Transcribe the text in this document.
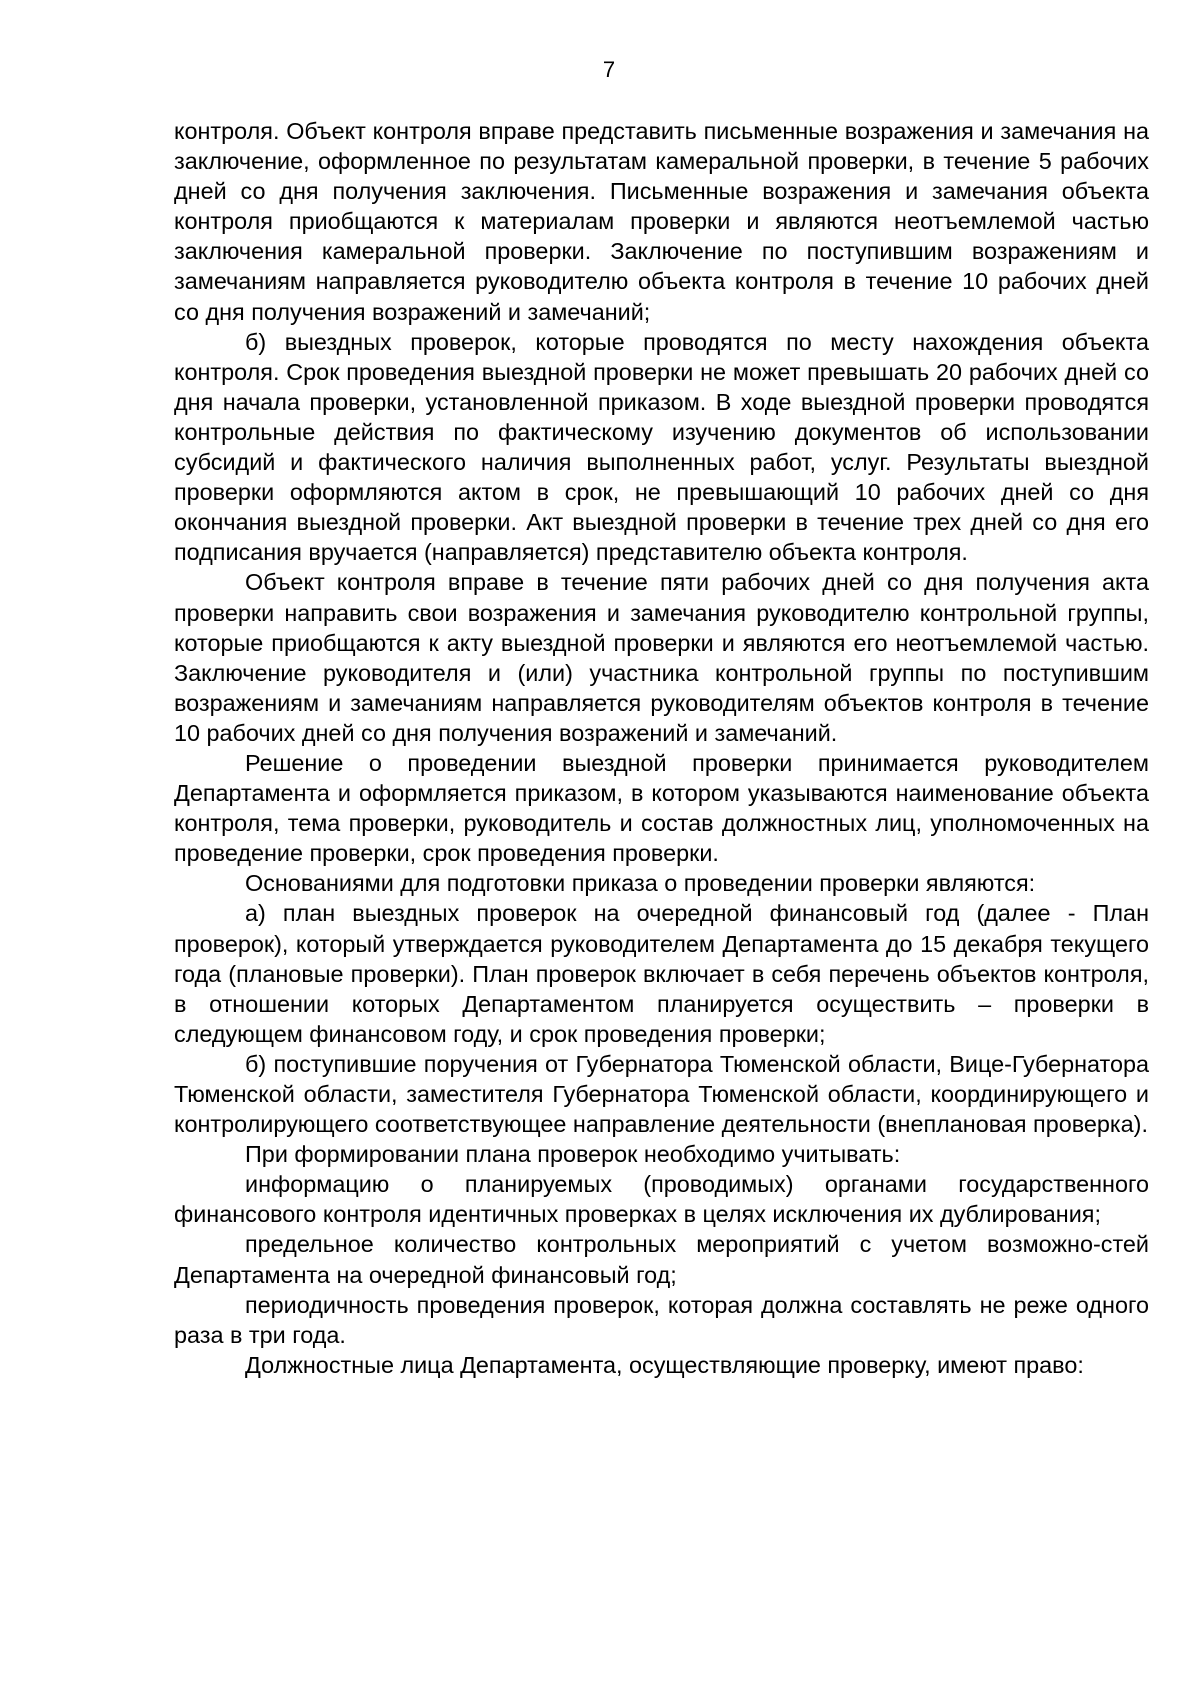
7

контроля. Объект контроля вправе представить письменные возражения и замечания на заключение, оформленное по результатам камеральной проверки, в течение 5 рабочих дней со дня получения заключения. Письменные возражения и замечания объекта контроля приобщаются к материалам проверки и являются неотъемлемой частью заключения камеральной проверки. Заключение по поступившим возражениям и замечаниям направляется руководителю объекта контроля в течение 10 рабочих дней со дня получения возражений и замечаний;

б) выездных проверок, которые проводятся по месту нахождения объекта контроля. Срок проведения выездной проверки не может превышать 20 рабочих дней со дня начала проверки, установленной приказом. В ходе выездной проверки проводятся контрольные действия по фактическому изучению документов об использовании субсидий и фактического наличия выполненных работ, услуг. Результаты выездной проверки оформляются актом в срок, не превышающий 10 рабочих дней со дня окончания выездной проверки. Акт выездной проверки в течение трех дней со дня его подписания вручается (направляется) представителю объекта контроля.

Объект контроля вправе в течение пяти рабочих дней со дня получения акта проверки направить свои возражения и замечания руководителю контрольной группы, которые приобщаются к акту выездной проверки и являются его неотъемлемой частью. Заключение руководителя и (или) участника контрольной группы по поступившим возражениям и замечаниям направляется руководителям объектов контроля в течение 10 рабочих дней со дня получения возражений и замечаний.

Решение о проведении выездной проверки принимается руководителем Департамента и оформляется приказом, в котором указываются наименование объекта контроля, тема проверки, руководитель и состав должностных лиц, уполномоченных на проведение проверки, срок проведения проверки.

Основаниями для подготовки приказа о проведении проверки являются:

а) план выездных проверок на очередной финансовый год (далее - План проверок), который утверждается руководителем Департамента до 15 декабря текущего года (плановые проверки). План проверок включает в себя перечень объектов контроля, в отношении которых Департаментом планируется осуществить – проверки в следующем финансовом году, и срок проведения проверки;

б) поступившие поручения от Губернатора Тюменской области, Вице-Губернатора Тюменской области, заместителя Губернатора Тюменской области, координирующего и контролирующего соответствующее направление деятельности (внеплановая проверка).

При формировании плана проверок необходимо учитывать:

информацию о планируемых (проводимых) органами государственного финансового контроля идентичных проверках в целях исключения их дублирования;

предельное количество контрольных мероприятий с учетом возможно-стей Департамента на очередной финансовый год;

периодичность проведения проверок, которая должна составлять не реже одного раза в три года.

Должностные лица Департамента, осуществляющие проверку, имеют право:
